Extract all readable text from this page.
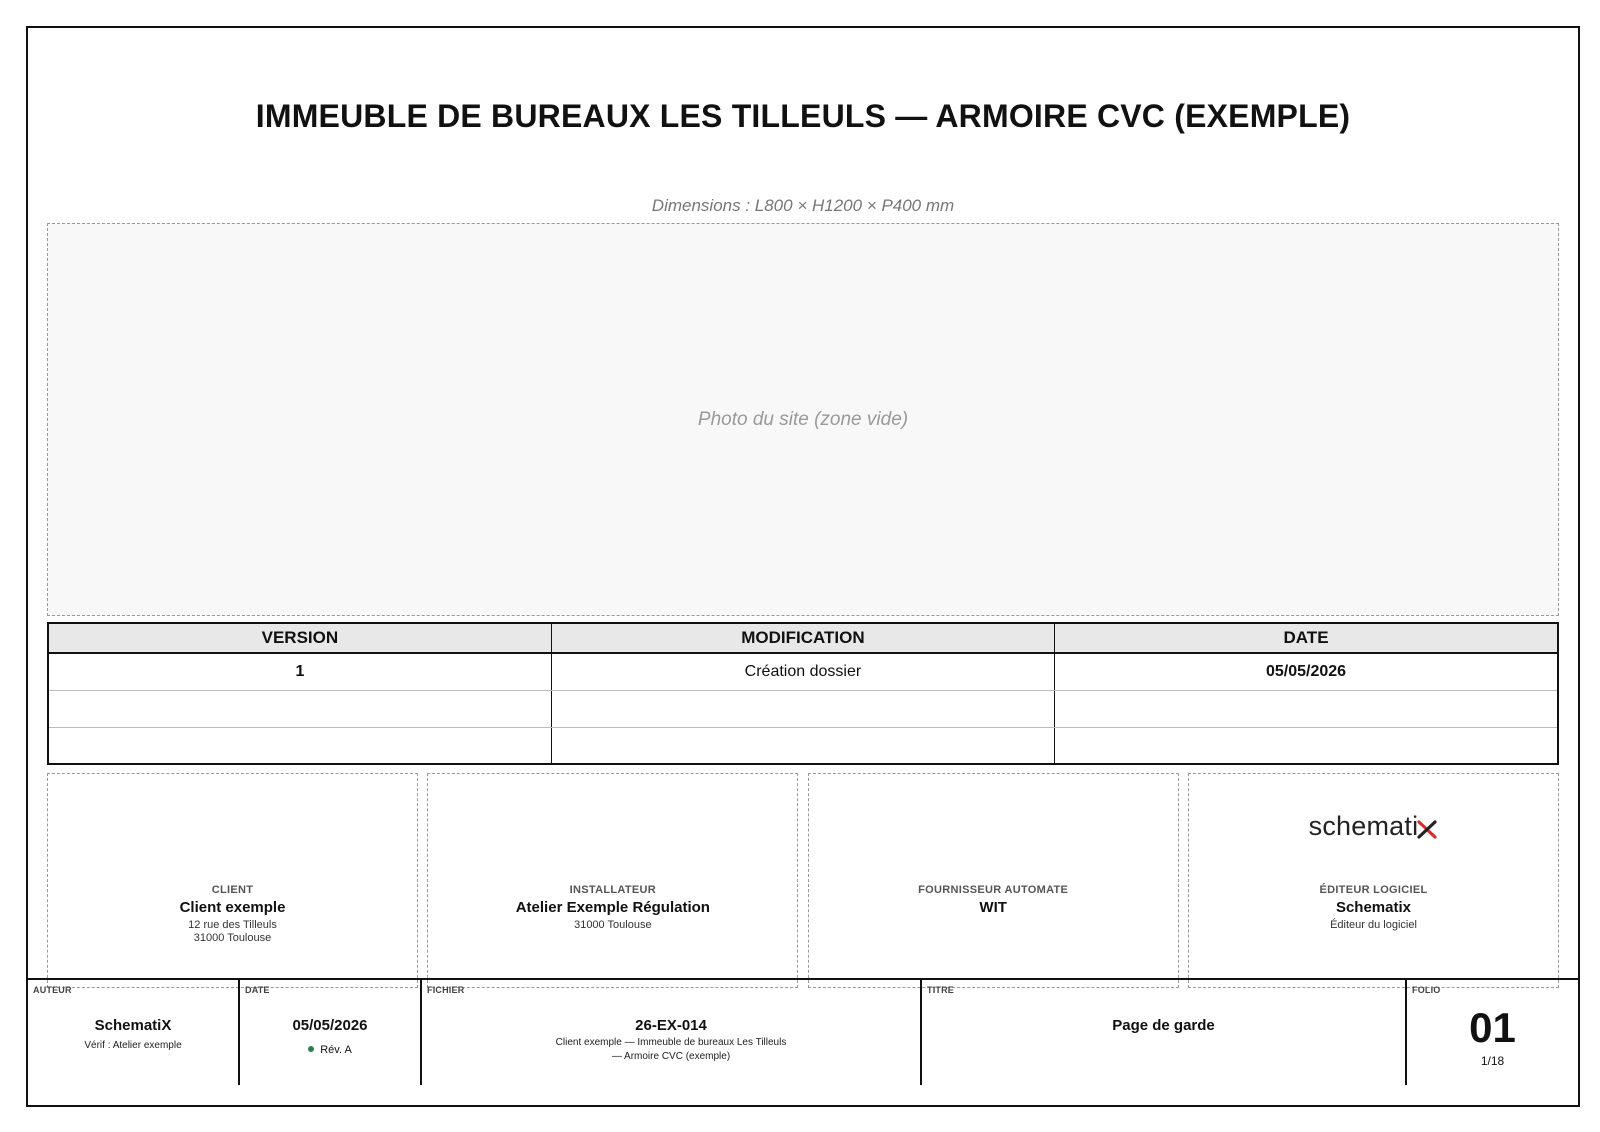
IMMEUBLE DE BUREAUX LES TILLEULS — ARMOIRE CVC (EXEMPLE)
Dimensions : L800 × H1200 × P400 mm
Photo du site (zone vide)
VERSION	MODIFICATION	DATE
1	Création dossier	05/05/2026

CLIENT
Client exemple
12 rue des Tilleuls
31000 Toulouse
INSTALLATEUR
Atelier Exemple Régulation
31000 Toulouse
FOURNISSEUR AUTOMATE
WIT
schemati
ÉDITEUR LOGICIEL
Schematix
Éditeur du logiciel
AUTEUR
SchematiX
Vérif : Atelier exemple
DATE
05/05/2026
Rév. A
FICHIER
26-EX-014
Client exemple — Immeuble de bureaux Les Tilleuls
— Armoire CVC (exemple)
TITRE
Page de garde
FOLIO
01
1/18
